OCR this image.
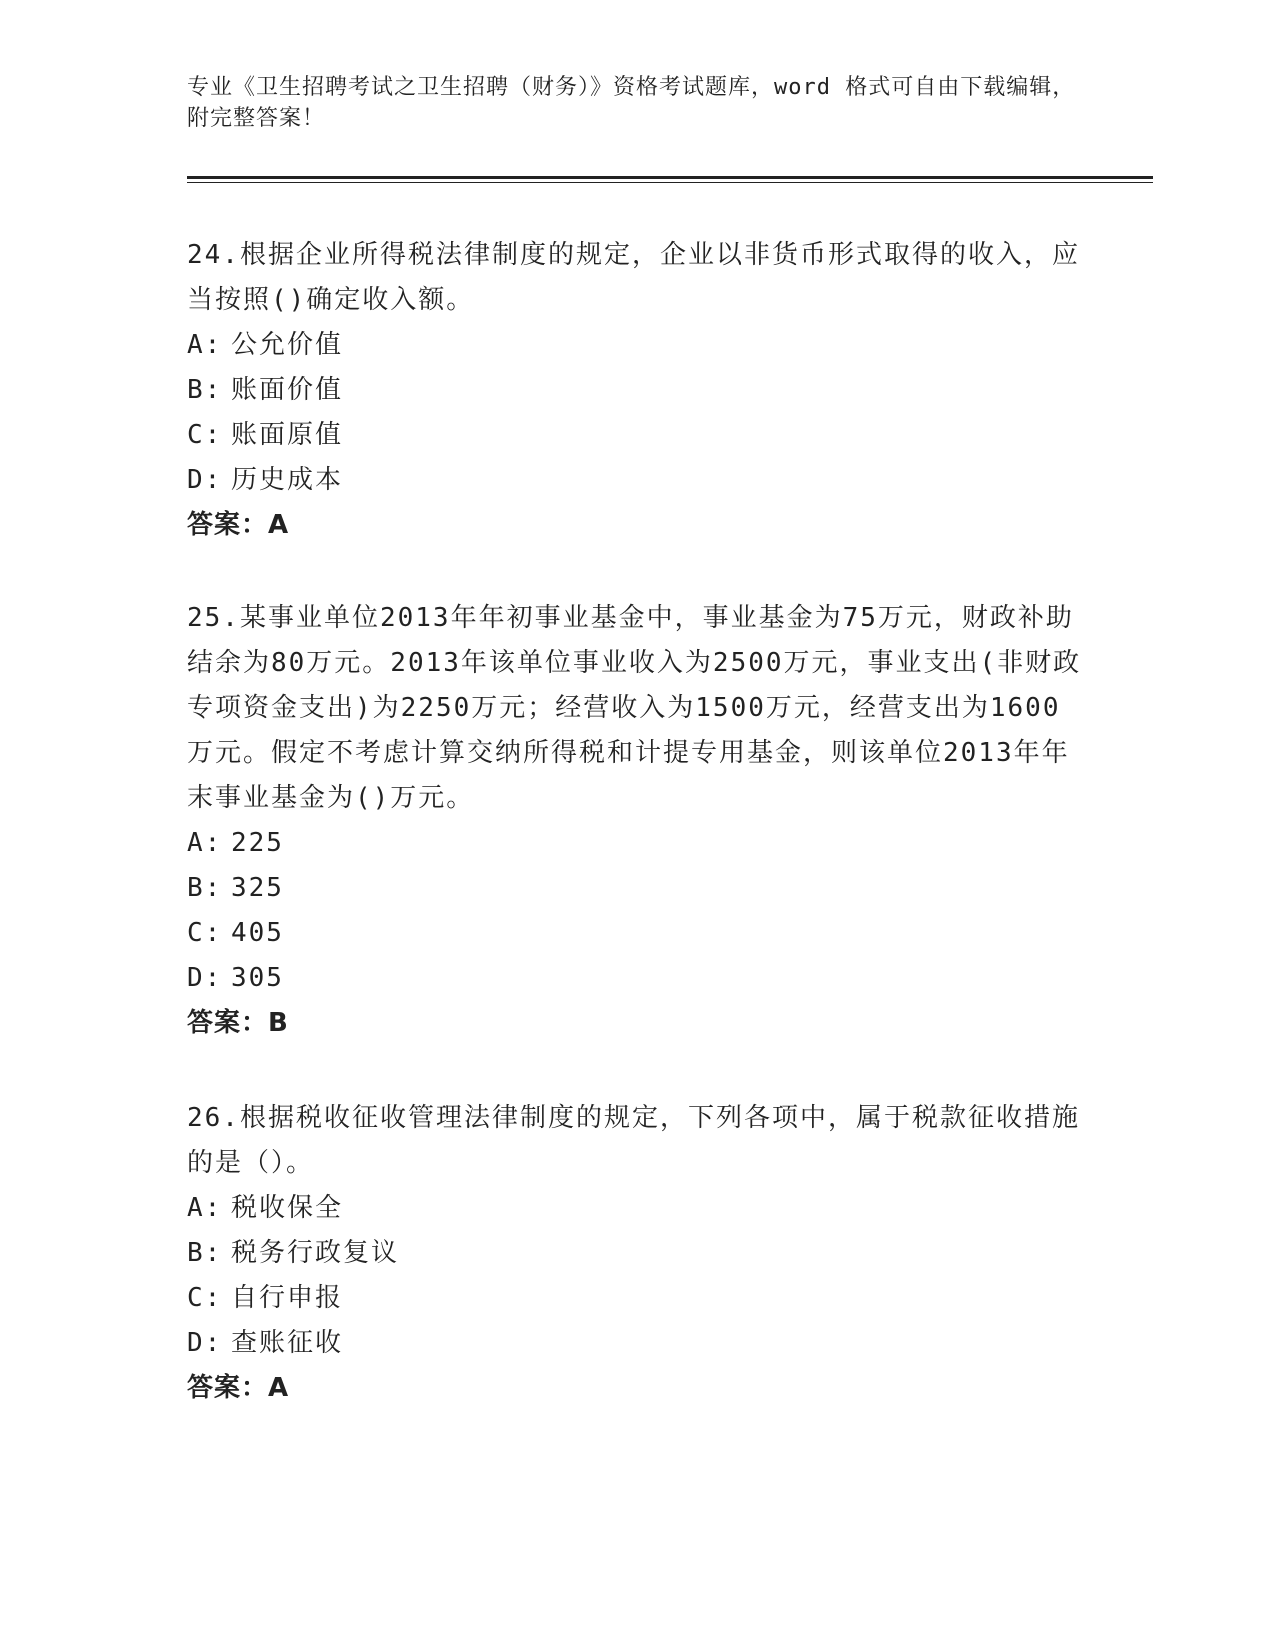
专业《卫生招聘考试之卫生招聘（财务）》资格考试题库，word 格式可自由下载编辑，附完整答案！

24.根据企业所得税法律制度的规定，企业以非货币形式取得的收入，应当按照()确定收入额。

A: 公允价值
B: 账面价值
C: 账面原值
D: 历史成本

答案：A

25.某事业单位2013年年初事业基金中，事业基金为75万元，财政补助结余为80万元。2013年该单位事业收入为2500万元，事业支出(非财政专项资金支出)为2250万元；经营收入为1500万元，经营支出为1600万元。假定不考虑计算交纳所得税和计提专用基金，则该单位2013年年末事业基金为()万元。

A: 225
B: 325
C: 405
D: 305

答案：B

26.根据税收征收管理法律制度的规定，下列各项中，属于税款征收措施的是（）。

A: 税收保全
B: 税务行政复议
C: 自行申报
D: 查账征收

答案：A
